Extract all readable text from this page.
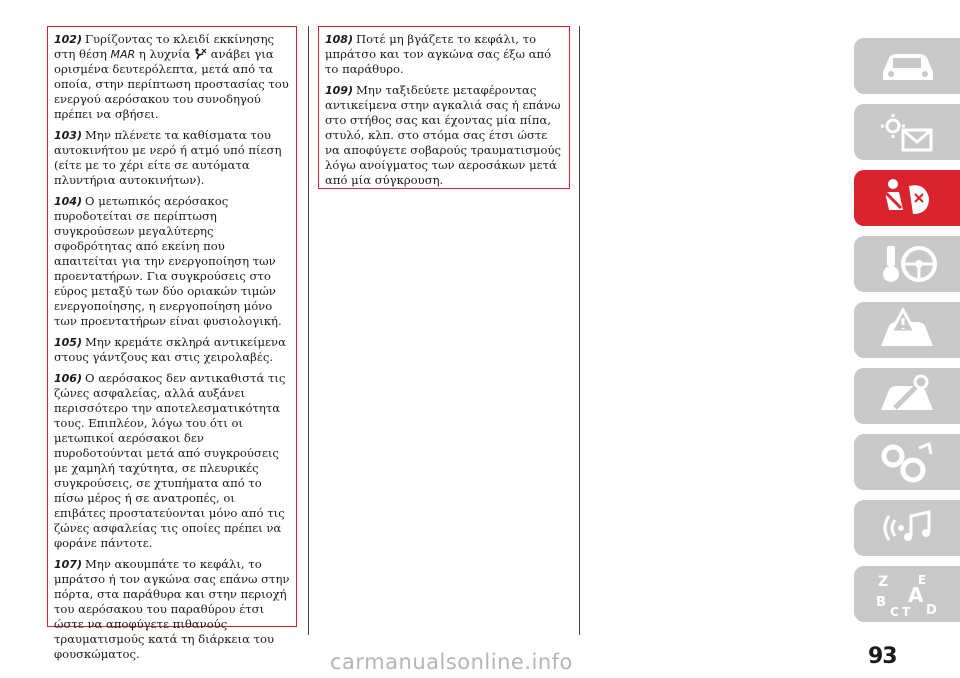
102) Γυρίζοντας το κλειδί εκκίνησης στη θέση MAR η λυχνία  ανάβει για ορισμένα δευτερόλεπτα, μετά από τα οποία, στην περίπτωση προστασίας του ενεργού αερόσακου του συνοδηγού πρέπει να σβήσει.

103) Μην πλένετε τα καθίσματα του αυτοκινήτου με νερό ή ατμό υπό πίεση (είτε με το χέρι είτε σε αυτόματα πλυντήρια αυτοκινήτων).

104) Ο μετωπικός αερόσακος πυροδοτείται σε περίπτωση συγκρούσεων μεγαλύτερης σφοδρότητας από εκείνη που απαιτείται για την ενεργοποίηση των προεντατήρων. Για συγκρούσεις στο εύρος μεταξύ των δύο οριακών τιμών ενεργοποίησης, η ενεργοποίηση μόνο των προεντατήρων είναι φυσιολογική.

105) Μην κρεμάτε σκληρά αντικείμενα στους γάντζους και στις χειρολαβές.

106) Ο αερόσακος δεν αντικαθιστά τις ζώνες ασφαλείας, αλλά αυξάνει περισσότερο την αποτελεσματικότητα τους. Επιπλέον, λόγω του ότι οι μετωπικοί αερόσακοι δεν πυροδοτούνται μετά από συγκρούσεις με χαμηλή ταχύτητα, σε πλευρικές συγκρούσεις, σε χτυπήματα από το πίσω μέρος ή σε ανατροπές, οι επιβάτες προστατεύονται μόνο από τις ζώνες ασφαλείας τις οποίες πρέπει να φοράνε πάντοτε.

107) Μην ακουμπάτε το κεφάλι, το μπράτσο ή τον αγκώνα σας επάνω στην πόρτα, στα παράθυρα και στην περιοχή του αερόσακου του παραθύρου έτσι ώστε να αποφύγετε πιθανούς τραυματισμούς κατά τη διάρκεια του φουσκώματος.

108) Ποτέ μη βγάζετε το κεφάλι, το μπράτσο και τον αγκώνα σας έξω από το παράθυρο.

109) Μην ταξιδεύετε μεταφέροντας αντικείμενα στην αγκαλιά σας ή επάνω στο στήθος σας και έχοντας μία πίπα, στυλό, κλπ. στο στόμα σας έτσι ώστε να αποφύγετε σοβαρούς τραυματισμούς λόγω ανοίγματος των αεροσάκων μετά από μία σύγκρουση.

Z E
B A
C T D
93
carmanualsonline.info
